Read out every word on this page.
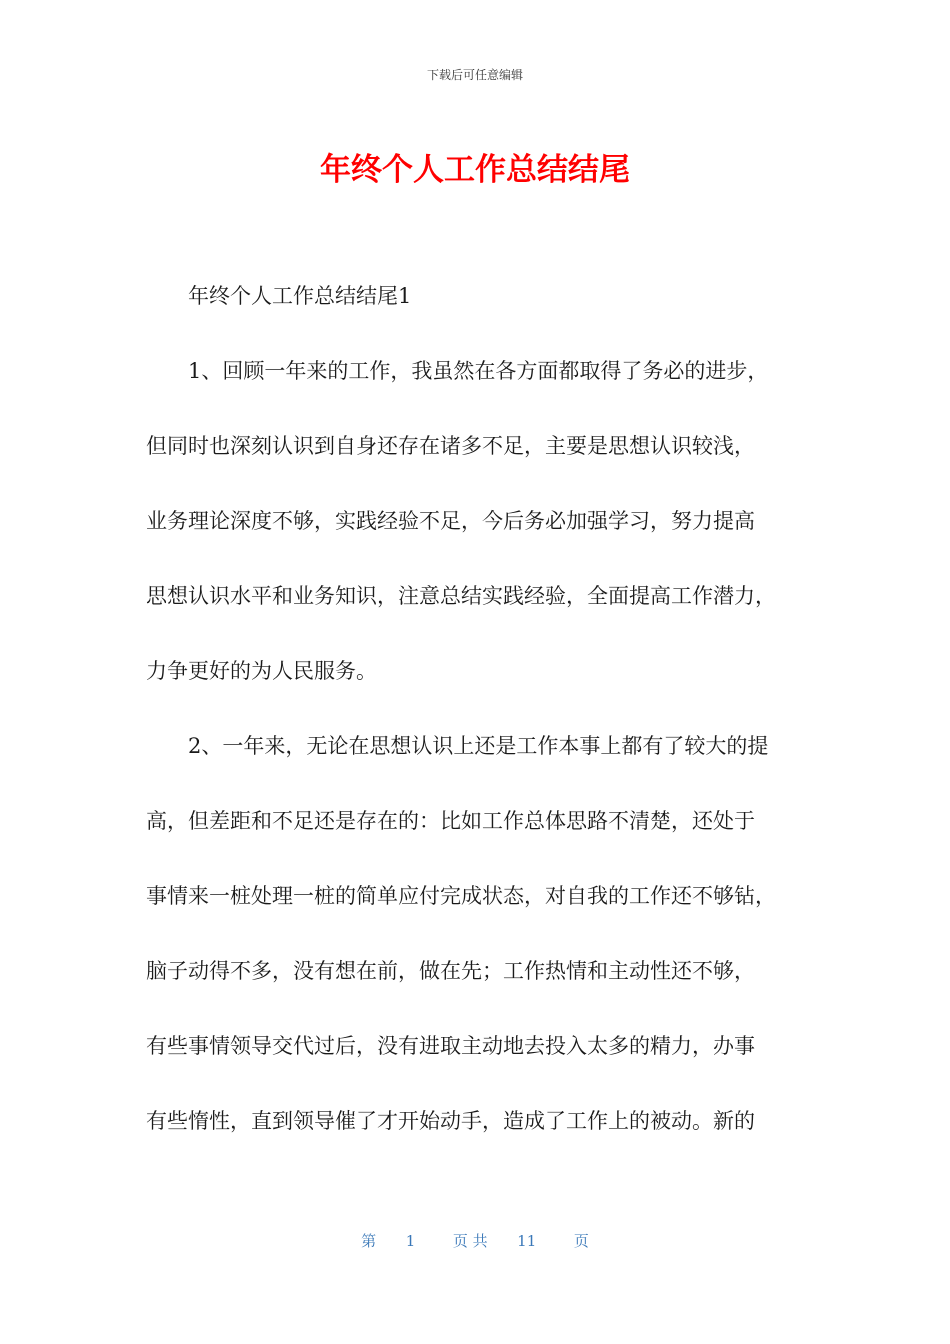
下载后可任意编辑
年终个人工作总结结尾
年终个人工作总结结尾1
1、回顾一年来的工作，我虽然在各方面都取得了务必的进步，
但同时也深刻认识到自身还存在诸多不足，主要是思想认识较浅，
业务理论深度不够，实践经验不足，今后务必加强学习，努力提高
思想认识水平和业务知识，注意总结实践经验，全面提高工作潜力，
力争更好的为人民服务。
2、一年来，无论在思想认识上还是工作本事上都有了较大的提
高，但差距和不足还是存在的：比如工作总体思路不清楚，还处于
事情来一桩处理一桩的简单应付完成状态，对自我的工作还不够钻，
脑子动得不多，没有想在前，做在先；工作热情和主动性还不够，
有些事情领导交代过后，没有进取主动地去投入太多的精力，办事
有些惰性，直到领导催了才开始动手，造成了工作上的被动。新的
第 1	页 共 11	页
